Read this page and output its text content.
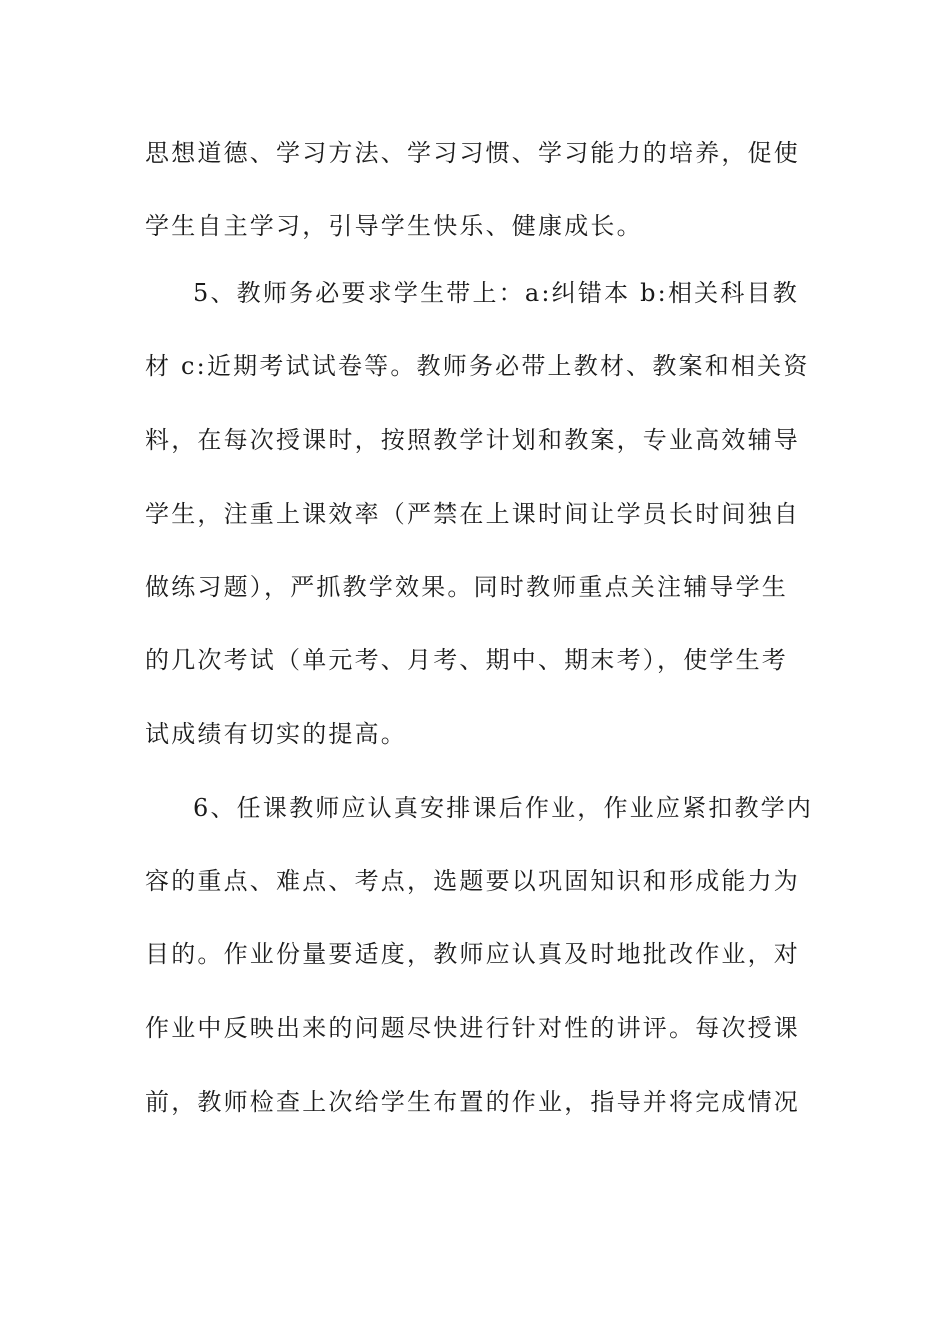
思想道德、学习方法、学习习惯、学习能力的培养，促使
学生自主学习，引导学生快乐、健康成长。
5、教师务必要求学生带上：a:纠错本 b:相关科目教
材 c:近期考试试卷等。教师务必带上教材、教案和相关资
料，在每次授课时，按照教学计划和教案，专业高效辅导
学生，注重上课效率（严禁在上课时间让学员长时间独自
做练习题），严抓教学效果。同时教师重点关注辅导学生
的几次考试（单元考、月考、期中、期末考），使学生考
试成绩有切实的提高。
6、任课教师应认真安排课后作业，作业应紧扣教学内
容的重点、难点、考点，选题要以巩固知识和形成能力为
目的。作业份量要适度，教师应认真及时地批改作业，对
作业中反映出来的问题尽快进行针对性的讲评。每次授课
前，教师检查上次给学生布置的作业，指导并将完成情况
